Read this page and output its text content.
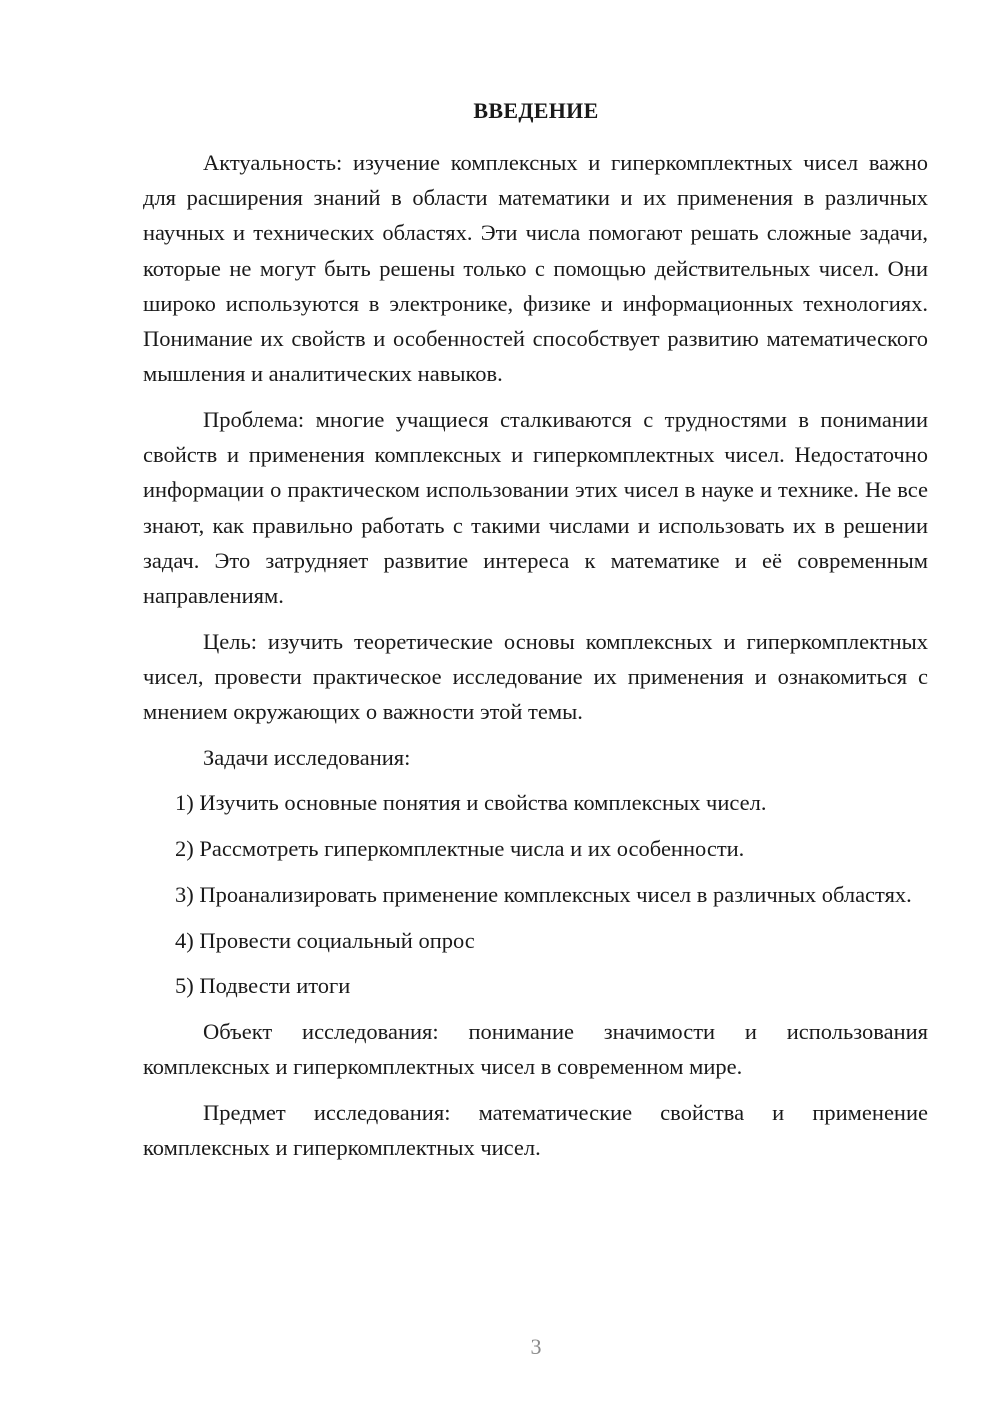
ВВЕДЕНИЕ

Актуальность: изучение комплексных и гиперкомплектных чисел важно для расширения знаний в области математики и их применения в различных научных и технических областях. Эти числа помогают решать сложные задачи, которые не могут быть решены только с помощью действительных чисел. Они широко используются в электронике, физике и информационных технологиях. Понимание их свойств и особенностей способствует развитию математического мышления и аналитических навыков.

Проблема: многие учащиеся сталкиваются с трудностями в понимании свойств и применения комплексных и гиперкомплектных чисел. Недостаточно информации о практическом использовании этих чисел в науке и технике. Не все знают, как правильно работать с такими числами и использовать их в решении задач. Это затрудняет развитие интереса к математике и её современным направлениям.

Цель: изучить теоретические основы комплексных и гиперкомплектных чисел, провести практическое исследование их применения и ознакомиться с мнением окружающих о важности этой темы.

Задачи исследования:

1) Изучить основные понятия и свойства комплексных чисел.

2) Рассмотреть гиперкомплектные числа и их особенности.

3) Проанализировать применение комплексных чисел в различных областях.

4) Провести социальный опрос

5) Подвести итоги

Объект исследования: понимание значимости и использования комплексных и гиперкомплектных чисел в современном мире.

Предмет исследования: математические свойства и применение комплексных и гиперкомплектных чисел.

3
